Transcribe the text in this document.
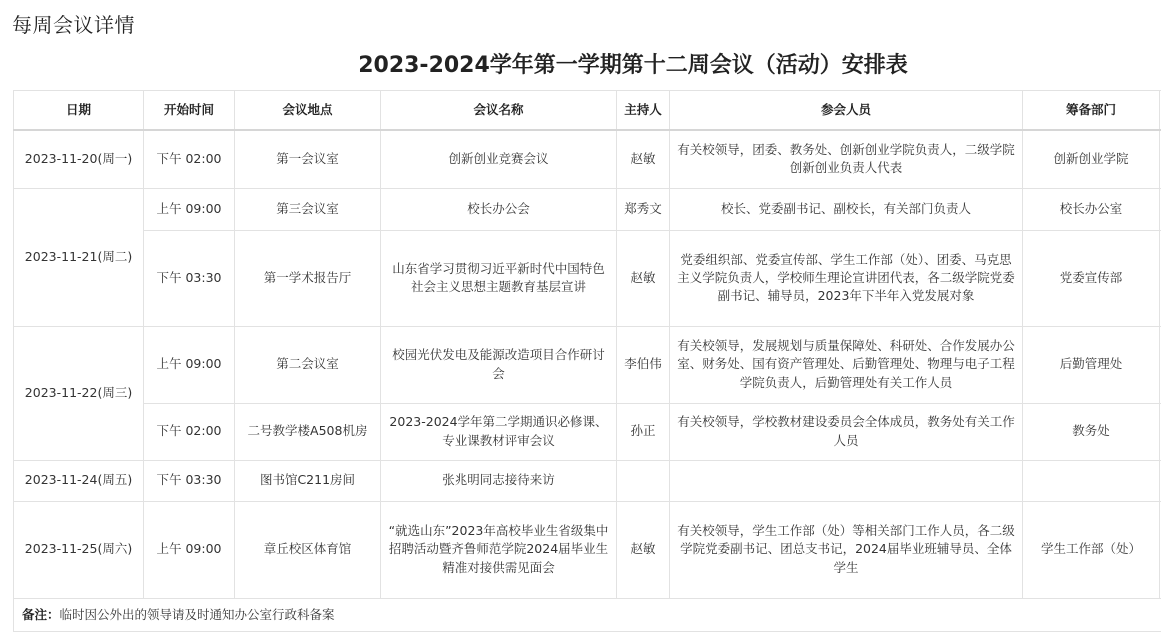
每周会议详情
2023-2024学年第一学期第十二周会议（活动）安排表
日期	开始时间	会议地点	会议名称	主持人	参会人员	筹备部门	
2023-11-20(周一)	下午 02:00	第一会议室	创新创业竞赛会议	赵敏	有关校领导，团委、教务处、创新创业学院负责人，二级学院创新创业负责人代表	创新创业学院	
2023-11-21(周二)	上午 09:00	第三会议室	校长办公会	郑秀文	校长、党委副书记、副校长，有关部门负责人	校长办公室	
	下午 03:30	第一学术报告厅	山东省学习贯彻习近平新时代中国特色社会主义思想主题教育基层宣讲	赵敏	党委组织部、党委宣传部、学生工作部（处）、团委、马克思主义学院负责人，学校师生理论宣讲团代表，各二级学院党委副书记、辅导员，2023年下半年入党发展对象	党委宣传部	
2023-11-22(周三)	上午 09:00	第二会议室	校园光伏发电及能源改造项目合作研讨会	李伯伟	有关校领导，发展规划与质量保障处、科研处、合作发展办公室、财务处、国有资产管理处、后勤管理处、物理与电子工程学院负责人，后勤管理处有关工作人员	后勤管理处	
	下午 02:00	二号教学楼A508机房	2023-2024学年第二学期通识必修课、专业课教材评审会议	孙正	有关校领导，学校教材建设委员会全体成员，教务处有关工作人员	教务处	
2023-11-24(周五)	下午 03:30	图书馆C211房间	张兆明同志接待来访				
2023-11-25(周六)	上午 09:00	章丘校区体育馆	“就选山东”2023年高校毕业生省级集中招聘活动暨齐鲁师范学院2024届毕业生精准对接供需见面会	赵敏	有关校领导，学生工作部（处）等相关部门工作人员，各二级学院党委副书记、团总支书记，2024届毕业班辅导员、全体学生	学生工作部（处）	
备注：临时因公外出的领导请及时通知办公室行政科备案							
